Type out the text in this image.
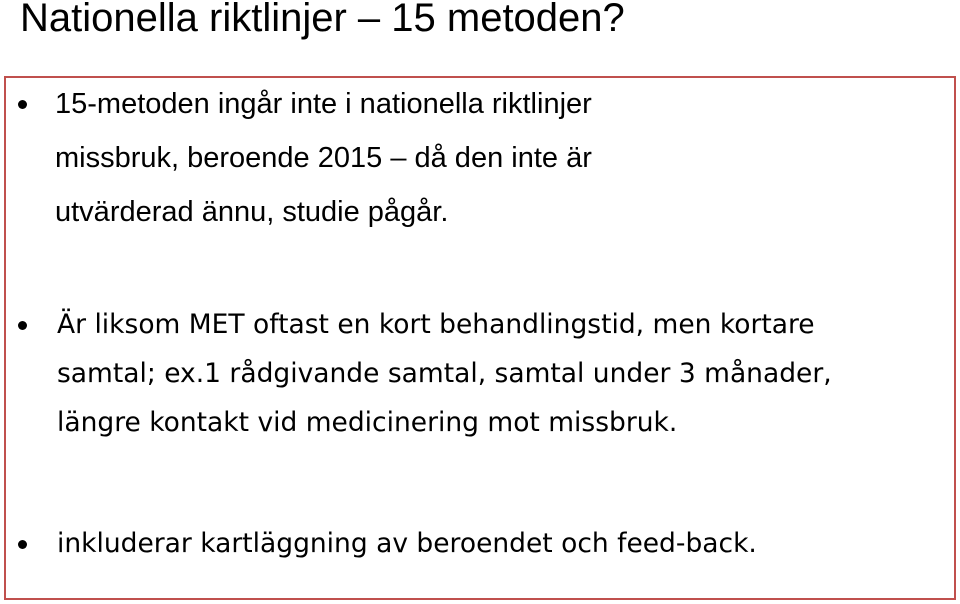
Nationella riktlinjer – 15 metoden?
15-metoden ingår inte i nationella riktlinjer
missbruk, beroende 2015 – då den inte är
utvärderad ännu, studie pågår.
Är liksom MET oftast en kort behandlingstid, men kortare
samtal; ex.1 rådgivande samtal, samtal under 3 månader,
längre kontakt vid medicinering mot missbruk.
inkluderar kartläggning av beroendet och feed-back.
